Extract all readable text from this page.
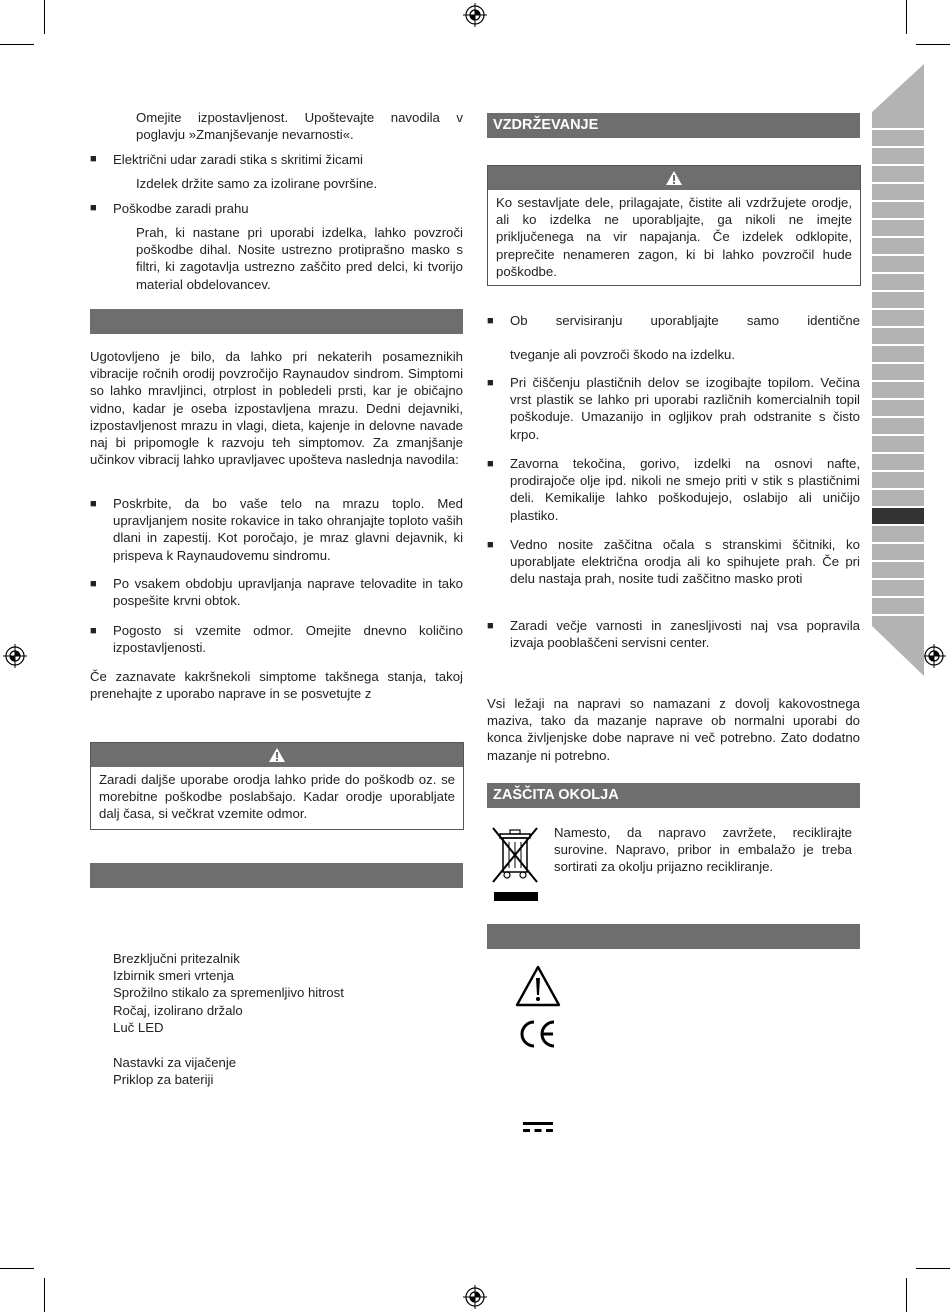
Omejite izpostavljenost. Upoštevajte navodila v poglavju »Zmanjševanje nevarnosti«.
■ Električni udar zaradi stika s skritimi žicami
Izdelek držite samo za izolirane površine.
■ Poškodbe zaradi prahu
Prah, ki nastane pri uporabi izdelka, lahko povzroči poškodbe dihal. Nosite ustrezno protiprašno masko s filtri, ki zagotavlja ustrezno zaščito pred delci, ki tvorijo material obdelovancev.
Ugotovljeno je bilo, da lahko pri nekaterih posameznikih vibracije ročnih orodij povzročijo Raynaudov sindrom. Simptomi so lahko mravljinci, otrplost in pobledeli prsti, kar je običajno vidno, kadar je oseba izpostavljena mrazu. Dedni dejavniki, izpostavljenost mrazu in vlagi, dieta, kajenje in delovne navade naj bi pripomogle k razvoju teh simptomov. Za zmanjšanje učinkov vibracij lahko upravljavec upošteva naslednja navodila:
■ Poskrbite, da bo vaše telo na mrazu toplo. Med upravljanjem nosite rokavice in tako ohranjajte toploto vaših dlani in zapestij. Kot poročajo, je mraz glavni dejavnik, ki prispeva k Raynaudovemu sindromu.
■ Po vsakem obdobju upravljanja naprave telovadite in tako pospešite krvni obtok.
■ Pogosto si vzemite odmor. Omejite dnevno količino izpostavljenosti.
Če zaznavate kakršnekoli simptome takšnega stanja, takoj prenehajte z uporabo naprave in se posvetujte z
Zaradi daljše uporabe orodja lahko pride do poškodb oz. se morebitne poškodbe poslabšajo. Kadar orodje uporabljate dalj časa, si večkrat vzemite odmor.
Brezključni pritezalnik
Izbirnik smeri vrtenja
Sprožilno stikalo za spremenljivo hitrost
Ročaj, izolirano držalo
Luč LED
Nastavki za vijačenje
Priklop za bateriji
VZDRŽEVANJE
Ko sestavljate dele, prilagajate, čistite ali vzdržujete orodje, ali ko izdelka ne uporabljajte, ga nikoli ne imejte priključenega na vir napajanja. Če izdelek odklopite, preprečite nenameren zagon, ki bi lahko povzročil hude poškodbe.
■ Ob servisiranju uporabljajte samo identične
tveganje ali povzroči škodo na izdelku.
■ Pri čiščenju plastičnih delov se izogibajte topilom. Večina vrst plastik se lahko pri uporabi različnih komercialnih topil poškoduje. Umazanijo in ogljikov prah odstranite s čisto krpo.
■ Zavorna tekočina, gorivo, izdelki na osnovi nafte, prodirajoče olje ipd. nikoli ne smejo priti v stik s plastičnimi deli. Kemikalije lahko poškodujejo, oslabijo ali uničijo plastiko.
■ Vedno nosite zaščitna očala s stranskimi ščitniki, ko uporabljate električna orodja ali ko spihujete prah. Če pri delu nastaja prah, nosite tudi zaščitno masko proti
■ Zaradi večje varnosti in zanesljivosti naj vsa popravila izvaja pooblaščeni servisni center.
Vsi ležaji na napravi so namazani z dovolj kakovostnega maziva, tako da mazanje naprave ob normalni uporabi do konca življenjske dobe naprave ni več potrebno. Zato dodatno mazanje ni potrebno.
ZAŠČITA OKOLJA
Namesto, da napravo zavržete, reciklirajte surovine. Napravo, pribor in embalažo je treba sortirati za okolju prijazno recikliranje.
